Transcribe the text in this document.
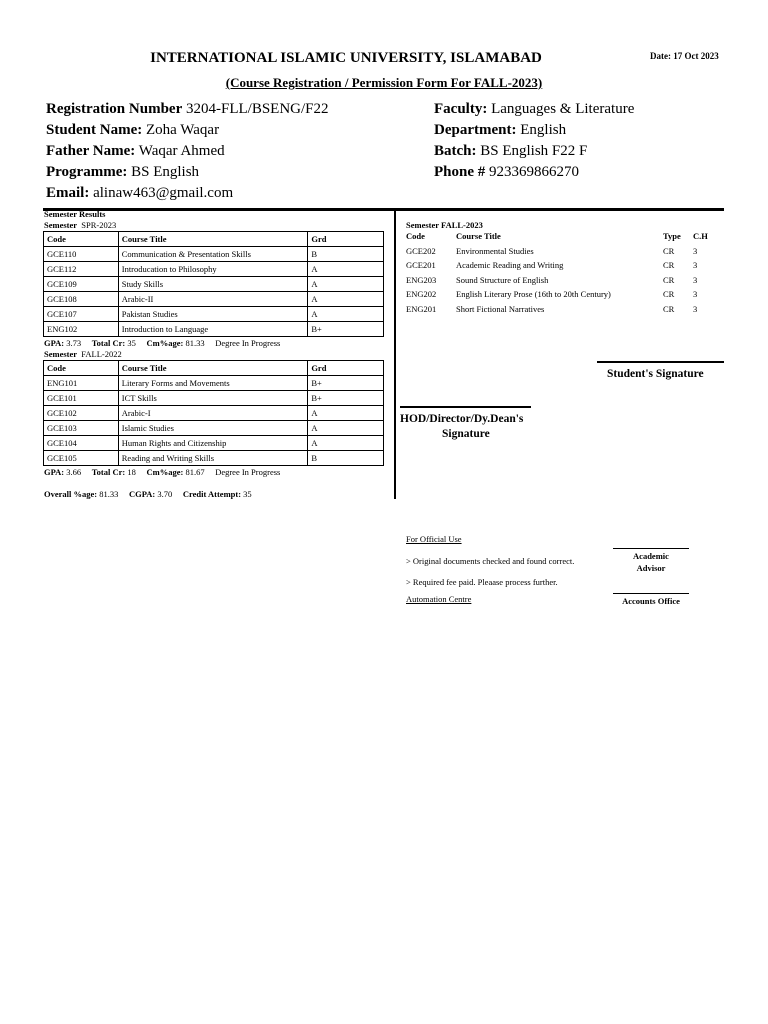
INTERNATIONAL ISLAMIC UNIVERSITY, ISLAMABAD	Date: 17 Oct 2023
(Course Registration / Permission Form For FALL-2023)
Registration Number 3204-FLL/BSENG/F22
Student Name: Zoha Waqar
Father Name: Waqar Ahmed
Programme: BS English
Email: alinaw463@gmail.com
Faculty: Languages & Literature
Department: English
Batch: BS English F22 F
Phone # 923369866270
Semester Results
Semester SPR-2023
Code	Course Title	Grd
GCE110	Communication & Presentation Skills	B
GCE112	Introducation to Philosophy	A
GCE109	Study Skills	A
GCE108	Arabic-II	A
GCE107	Pakistan Studies	A
ENG102	Introduction to Language	B+
GPA: 3.73 Total Cr: 35 Cm%age: 81.33 Degree In Progress
Semester FALL-2022
Code	Course Title	Grd
ENG101	Literary Forms and Movements	B+
GCE101	ICT Skills	B+
GCE102	Arabic-I	A
GCE103	Islamic Studies	A
GCE104	Human Rights and Citizenship	A
GCE105	Reading and Writing Skills	B
GPA: 3.66 Total Cr: 18 Cm%age: 81.67 Degree In Progress
Overall %age: 81.33 CGPA: 3.70 Credit Attempt: 35
Semester FALL-2023
Code	Course Title	Type	C.H
GCE202	Environmental Studies	CR	3
GCE201	Academic Reading and Writing	CR	3
ENG203	Sound Structure of English	CR	3
ENG202	English Literary Prose (16th to 20th Century)	CR	3
ENG201	Short Fictional Narratives	CR	3
Student's Signature
HOD/Director/Dy.Dean's
Signature
For Official Use
> Original documents checked and found correct.
> Required fee paid. Pleaase process further.
Automation Centre
Academic
Advisor
Accounts Office
